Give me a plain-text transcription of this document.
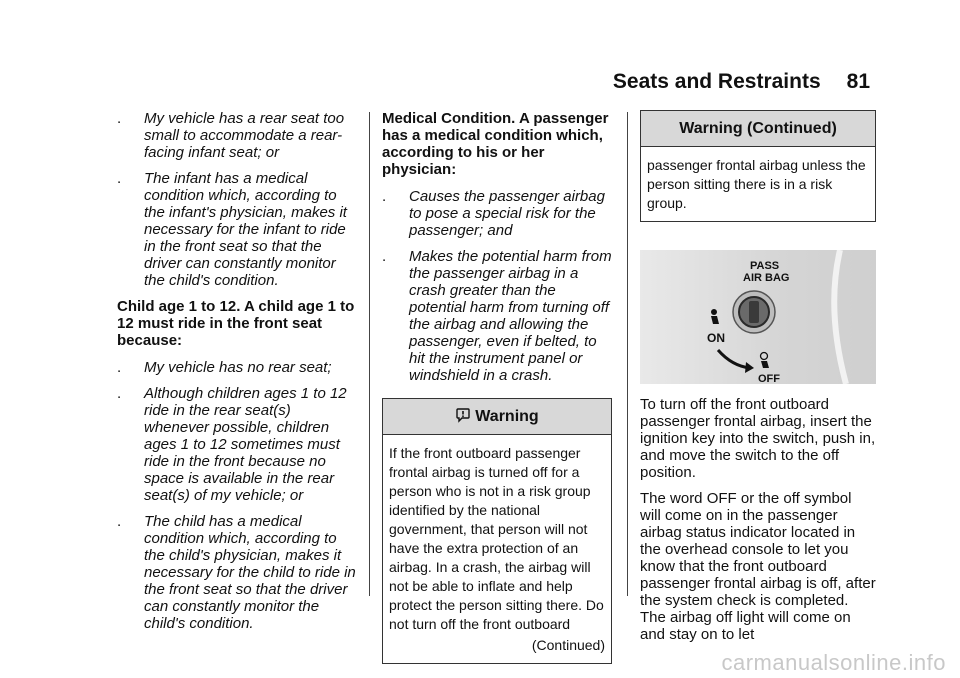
Seats and Restraints 81
.	My vehicle has a rear seat too small to accommodate a rear-facing infant seat; or
.	The infant has a medical condition which, according to the infant's physician, makes it necessary for the infant to ride in the front seat so that the driver can constantly monitor the child's condition.
Child age 1 to 12. A child age 1 to 12 must ride in the front seat because:
.	My vehicle has no rear seat;
.	Although children ages 1 to 12 ride in the rear seat(s) whenever possible, children ages 1 to 12 sometimes must ride in the front because no space is available in the rear seat(s) of my vehicle; or
.	The child has a medical condition which, according to the child's physician, makes it necessary for the child to ride in the front seat so that the driver can constantly monitor the child's condition.
Medical Condition. A passenger has a medical condition which, according to his or her physician:
.	Causes the passenger airbag to pose a special risk for the passenger; and
.	Makes the potential harm from the passenger airbag in a crash greater than the potential harm from turning off the airbag and allowing the passenger, even if belted, to hit the instrument panel or windshield in a crash.
Warning
If the front outboard passenger frontal airbag is turned off for a person who is not in a risk group identified by the national government, that person will not have the extra protection of an airbag. In a crash, the airbag will not be able to inflate and help protect the person sitting there. Do not turn off the front outboard
(Continued)
Warning (Continued)
passenger frontal airbag unless the person sitting there is in a risk group.
PASS
AIR BAG
ON
OFF
To turn off the front outboard passenger frontal airbag, insert the ignition key into the switch, push in, and move the switch to the off position.
The word OFF or the off symbol will come on in the passenger airbag status indicator located in the overhead console to let you know that the front outboard passenger frontal airbag is off, after the system check is completed. The airbag off light will come on and stay on to let
carmanualsonline.info
